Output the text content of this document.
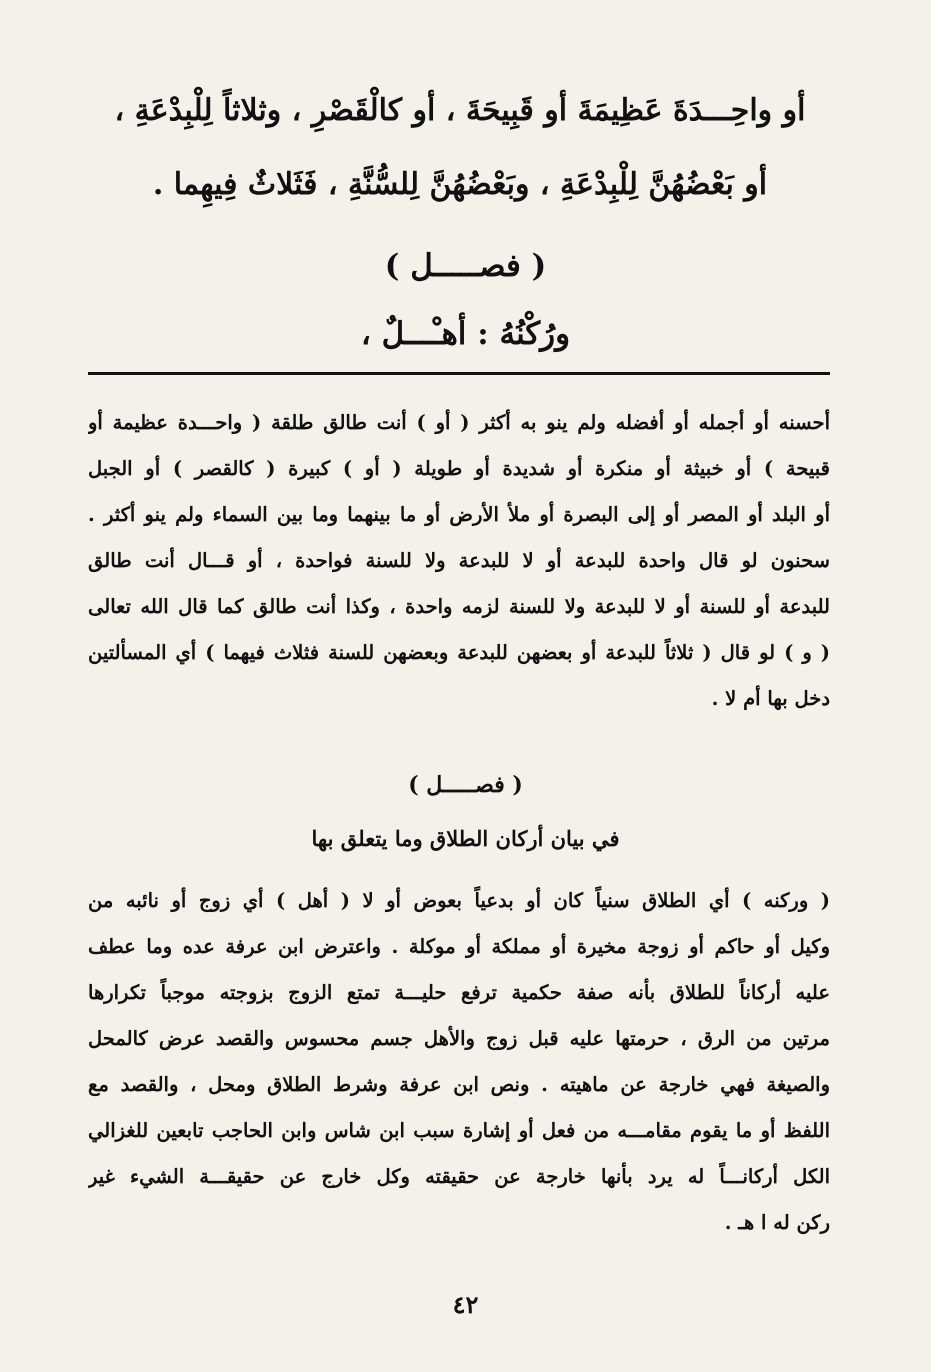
أو واحِـــدَةَ عَظِيمَةَ أو قَبِيحَةَ ، أو كالْقَصْرِ ، وثلاثاً لِلْبِدْعَةِ ،
أو بَعْضُهُنَّ لِلْبِدْعَةِ ، وبَعْضُهُنَّ لِلسُّنَّةِ ، فَثَلاثٌ فِيهِما .
( فصـــــل )
ورُكْنُهُ : أهـْـــلٌ ،
أحسنه أو أجمله أو أفضله ولم ينو به أكثر ( أو ) أنت طالق طلقة ( واحـــدة عظيمة أو
قبيحة ) أو خبيثة أو منكرة أو شديدة أو طويلة ( أو ) كبيرة ( كالقصر ) أو الجبل
أو البلد أو المصر أو إلى البصرة أو ملأ الأرض أو ما بينهما وما بين السماء ولم ينو أكثر .
سحنون لو قال واحدة للبدعة أو لا للبدعة ولا للسنة فواحدة ، أو قـــال أنت طالق
للبدعة أو للسنة أو لا للبدعة ولا للسنة لزمه واحدة ، وكذا أنت طالق كما قال الله تعالى
( و ) لو قال ( ثلاثاً للبدعة أو بعضهن للبدعة وبعضهن للسنة فثلاث فيهما ) أي المسألتين
دخل بها أم لا .
( فصـــــل )
في بيان أركان الطلاق وما يتعلق بها
( وركنه ) أي الطلاق سنياً كان أو بدعياً بعوض أو لا ( أهل ) أي زوج أو نائبه من
وكيل أو حاكم أو زوجة مخيرة أو مملكة أو موكلة . واعترض ابن عرفة عده وما عطف
عليه أركاناً للطلاق بأنه صفة حكمية ترفع حليـــة تمتع الزوج بزوجته موجباً تكرارها
مرتين من الرق ، حرمتها عليه قبل زوج والأهل جسم محسوس والقصد عرض كالمحل
والصيغة فهي خارجة عن ماهيته . ونص ابن عرفة وشرط الطلاق ومحل ، والقصد مع
اللفظ أو ما يقوم مقامـــه من فعل أو إشارة سبب ابن شاس وابن الحاجب تابعين للغزالي
الكل أركانـــاً له يرد بأنها خارجة عن حقيقته وكل خارج عن حقيقـــة الشيء غير
ركن له ا هـ .
٤٢
